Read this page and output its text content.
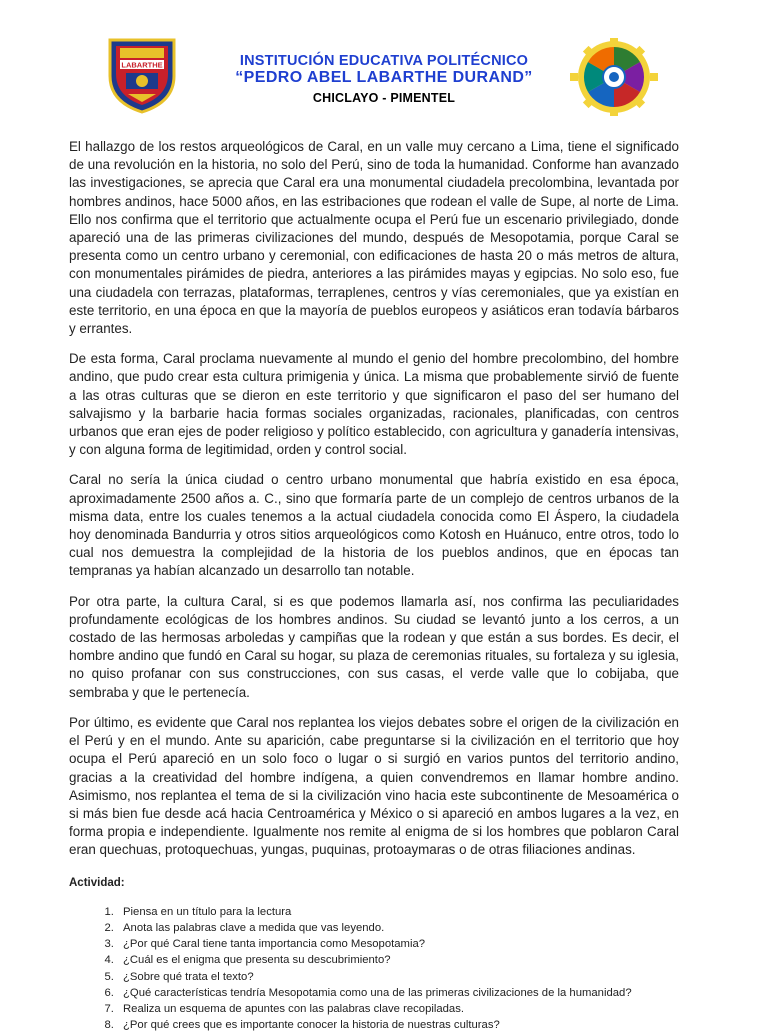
LABARTHE	INSTITUCIÓN EDUCATIVA POLITÉCNICO
“PEDRO ABEL LABARTHE DURAND”
CHICLAYO - PIMENTEL

El hallazgo de los restos arqueológicos de Caral, en un valle muy cercano a Lima, tiene el significado de una revolución en la historia, no solo del Perú, sino de toda la humanidad. Conforme han avanzado las investigaciones, se aprecia que Caral era una monumental ciudadela precolombina, levantada por hombres andinos, hace 5000 años, en las estribaciones que rodean el valle de Supe, al norte de Lima. Ello nos confirma que el territorio que actualmente ocupa el Perú fue un escenario privilegiado, donde apareció una de las primeras civilizaciones del mundo, después de Mesopotamia, porque Caral se presenta como un centro urbano y ceremonial, con edificaciones de hasta 20 o más metros de altura, con monumentales pirámides de piedra, anteriores a las pirámides mayas y egipcias. No solo eso, fue una ciudadela con terrazas, plataformas, terraplenes, centros y vías ceremoniales, que ya existían en este territorio, en una época en que la mayoría de pueblos europeos y asiáticos eran todavía bárbaros y errantes.

De esta forma, Caral proclama nuevamente al mundo el genio del hombre precolombino, del hombre andino, que pudo crear esta cultura primigenia y única. La misma que probablemente sirvió de fuente a las otras culturas que se dieron en este territorio y que significaron el paso del ser humano del salvajismo y la barbarie hacia formas sociales organizadas, racionales, planificadas, con centros urbanos que eran ejes de poder religioso y político establecido, con agricultura y ganadería intensivas, y con alguna forma de legitimidad, orden y control social.

Caral no sería la única ciudad o centro urbano monumental que habría existido en esa época, aproximadamente 2500 años a. C., sino que formaría parte de un complejo de centros urbanos de la misma data, entre los cuales tenemos a la actual ciudadela conocida como El Áspero, la ciudadela hoy denominada Bandurria y otros sitios arqueológicos como Kotosh en Huánuco, entre otros, todo lo cual nos demuestra la complejidad de la historia de los pueblos andinos, que en épocas tan tempranas ya habían alcanzado un desarrollo tan notable.

Por otra parte, la cultura Caral, si es que podemos llamarla así, nos confirma las peculiaridades profundamente ecológicas de los hombres andinos. Su ciudad se levantó junto a los cerros, a un costado de las hermosas arboledas y campiñas que la rodean y que están a sus bordes. Es decir, el hombre andino que fundó en Caral su hogar, su plaza de ceremonias rituales, su fortaleza y su iglesia, no quiso profanar con sus construcciones, con sus casas, el verde valle que lo cobijaba, que sembraba y que le pertenecía.

Por último, es evidente que Caral nos replantea los viejos debates sobre el origen de la civilización en el Perú y en el mundo. Ante su aparición, cabe preguntarse si la civilización en el territorio que hoy ocupa el Perú apareció en un solo foco o lugar o si surgió en varios puntos del territorio andino, gracias a la creatividad del hombre indígena, a quien convendremos en llamar hombre andino. Asimismo, nos replantea el tema de si la civilización vino hacia este subcontinente de Mesoamérica o si más bien fue desde acá hacia Centroamérica y México o si apareció en ambos lugares a la vez, en forma propia e independiente. Igualmente nos remite al enigma de si los hombres que poblaron Caral eran quechuas, protoquechuas, yungas, puquinas, protoaymaras o de otras filiaciones andinas.

Actividad:
1. Piensa en un título para la lectura
2. Anota las palabras clave a medida que vas leyendo.
3. ¿Por qué Caral tiene tanta importancia como Mesopotamia?
4. ¿Cuál es el enigma que presenta su descubrimiento?
5. ¿Sobre qué trata el texto?
6. ¿Qué características tendría Mesopotamia como una de las primeras civilizaciones de la humanidad?
7. Realiza un esquema de apuntes con las palabras clave recopiladas.
8. ¿Por qué crees que es importante conocer la historia de nuestras culturas?
